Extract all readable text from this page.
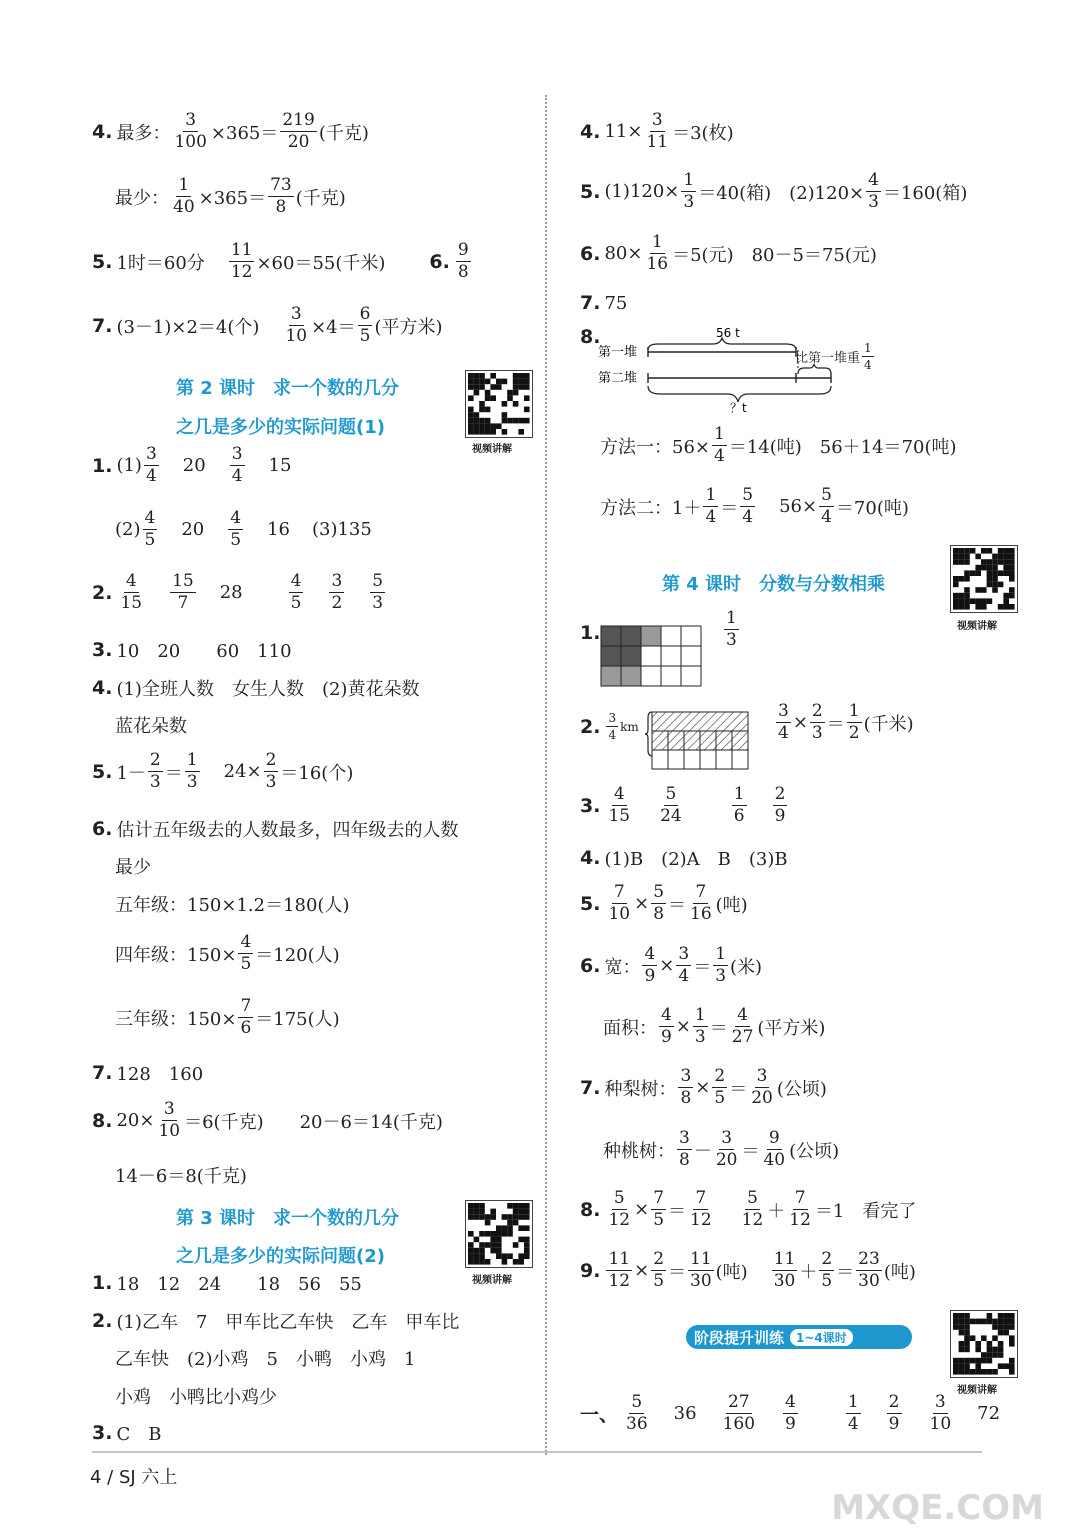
4. 最多： $\frac{3}{100} \times 365= \frac{219}{20}$ (千克)
最少： $\frac{1}{40} \times 365= \frac{73}{8}$ (千克)
5. 1时＝60分 $\frac{11}{12} \times 60=55$(千米) 6. $\frac{9}{8}$
7. (3－1)×2＝4(个) $\frac{3}{10} \times 4= \frac{6}{5}$ (平方米)
第 2 课时　求一个数的几分
之几是多少的实际问题(1)
视频讲解
1. $(1) \frac{3}{4} 20 \frac{3}{4} 15$
$(2) \frac{4}{5} 20 \frac{4}{5} 16$ (3)135
2. $\frac{4}{15} \frac{15}{7} 28$	$\frac{4}{5} \frac{3}{2} \frac{5}{3}$
3. 10　20　　60　110
4. (1)全班人数　女生人数　(2)黄花朵数
蓝花朵数
5. $1- \frac{2}{3} = \frac{1}{3} 24\times \frac{2}{3} =16$(个)
6. 估计五年级去的人数最多，四年级去的人数
最少
五年级：150×1.2＝180(人)
四年级：$150\times \frac{4}{5} =120$(人)
三年级：$150\times \frac{7}{6} =175$(人)
7. 128　160
8. $20\times \frac{3}{10} =6$(千克)　　20－6＝14(千克)
14－6＝8(千克)
第 3 课时　求一个数的几分
之几是多少的实际问题(2)
视频讲解
1. 18　12　24　　18　56　55
2. (1)乙车　7　甲车比乙车快　乙车　甲车比
乙车快　(2)小鸡　5　小鸭　小鸡　1
小鸡　小鸭比小鸡少
3. C　B
4. $11\times \frac{3}{11} =3$(枚)
5. $(1)120\times \frac{1}{3} =40$(箱)　$(2)120\times \frac{4}{3} =160$(箱)
6. $80\times \frac{1}{16} =5$(元)　80－5＝75(元)
7. 75
8.	56 t
第一堆
第二堆
？t
比第一堆重 $\frac{1}{4}$
方法一：$56\times \frac{1}{4} =14$(吨)　56＋14＝70(吨)
方法二：$1+ \frac{1}{4} = \frac{5}{4} 56\times \frac{5}{4} =70$(吨)
第 4 课时　分数与分数相乘
视频讲解
1.	$\frac{1}{3}$
2. $\frac{3}{4}$ km	$\frac{3}{4} \times \frac{2}{3} = \frac{1}{2}$ (千米)
3. $\frac{4}{15} \frac{5}{24}$	$\frac{1}{6} \frac{2}{9}$
4. (1)B　(2)A　B　(3)B
5. $\frac{7}{10} \times \frac{5}{8} = \frac{7}{16}$ (吨)
6. 宽： $\frac{4}{9} \times \frac{3}{4} = \frac{1}{3}$ (米)
面积： $\frac{4}{9} \times \frac{1}{3} = \frac{4}{27}$ (平方米)
7. 种梨树： $\frac{3}{8} \times \frac{2}{5} = \frac{3}{20}$ (公顷)
种桃树： $\frac{3}{8} - \frac{3}{20} = \frac{9}{40}$ (公顷)
8. $\frac{5}{12} \times \frac{7}{5} = \frac{7}{12} \frac{5}{12} + \frac{7}{12} =1$　看完了
9. $\frac{11}{12} \times \frac{2}{5} = \frac{11}{30}$ (吨) $\frac{11}{30} + \frac{2}{5} = \frac{23}{30}$ (吨)
阶段提升训练	1~4课时
视频讲解
一、 $\frac{5}{36} 36 \frac{27}{160} \frac{4}{9}$	$\frac{1}{4} \frac{2}{9} \frac{3}{10} 72$
4 / SJ 六上
MXQE.COM
